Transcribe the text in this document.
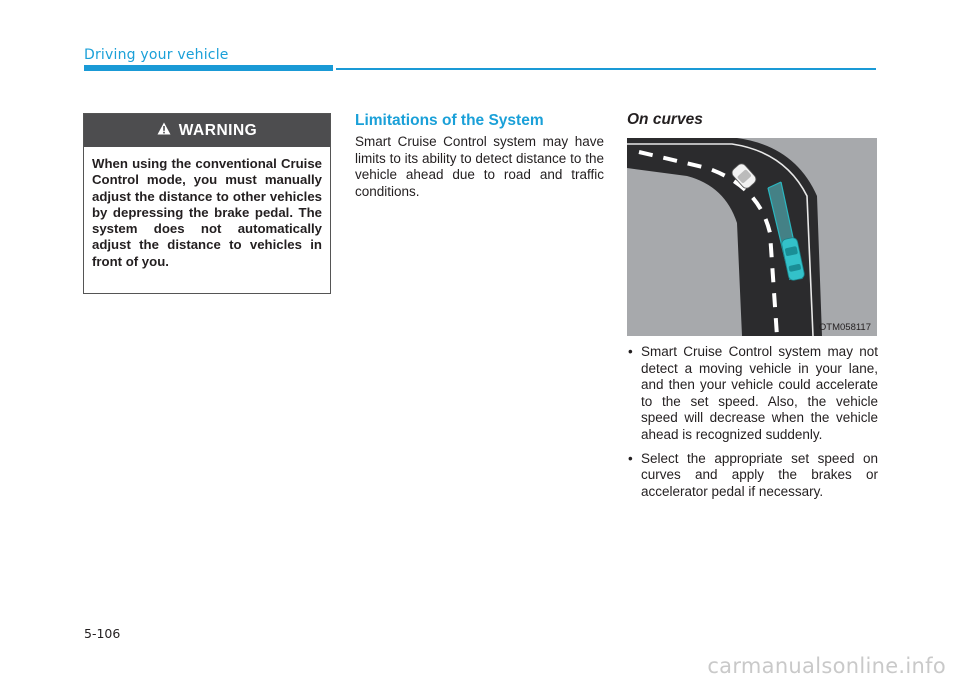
Driving your vehicle
WARNING
When using the conventional Cruise Control mode, you must manually adjust the distance to other vehicles by depressing the brake pedal. The system does not automatically adjust the distance to vehicles in front of you.
Limitations of the System
Smart Cruise Control system may have limits to its ability to detect distance to the vehicle ahead due to road and traffic conditions.
On curves
OTM058117
• Smart Cruise Control system may not detect a moving vehicle in your lane, and then your vehicle could accelerate to the set speed. Also, the vehicle speed will decrease when the vehicle ahead is recognized suddenly.
• Select the appropriate set speed on curves and apply the brakes or accelerator pedal if necessary.
5-106
carmanualsonline.info
